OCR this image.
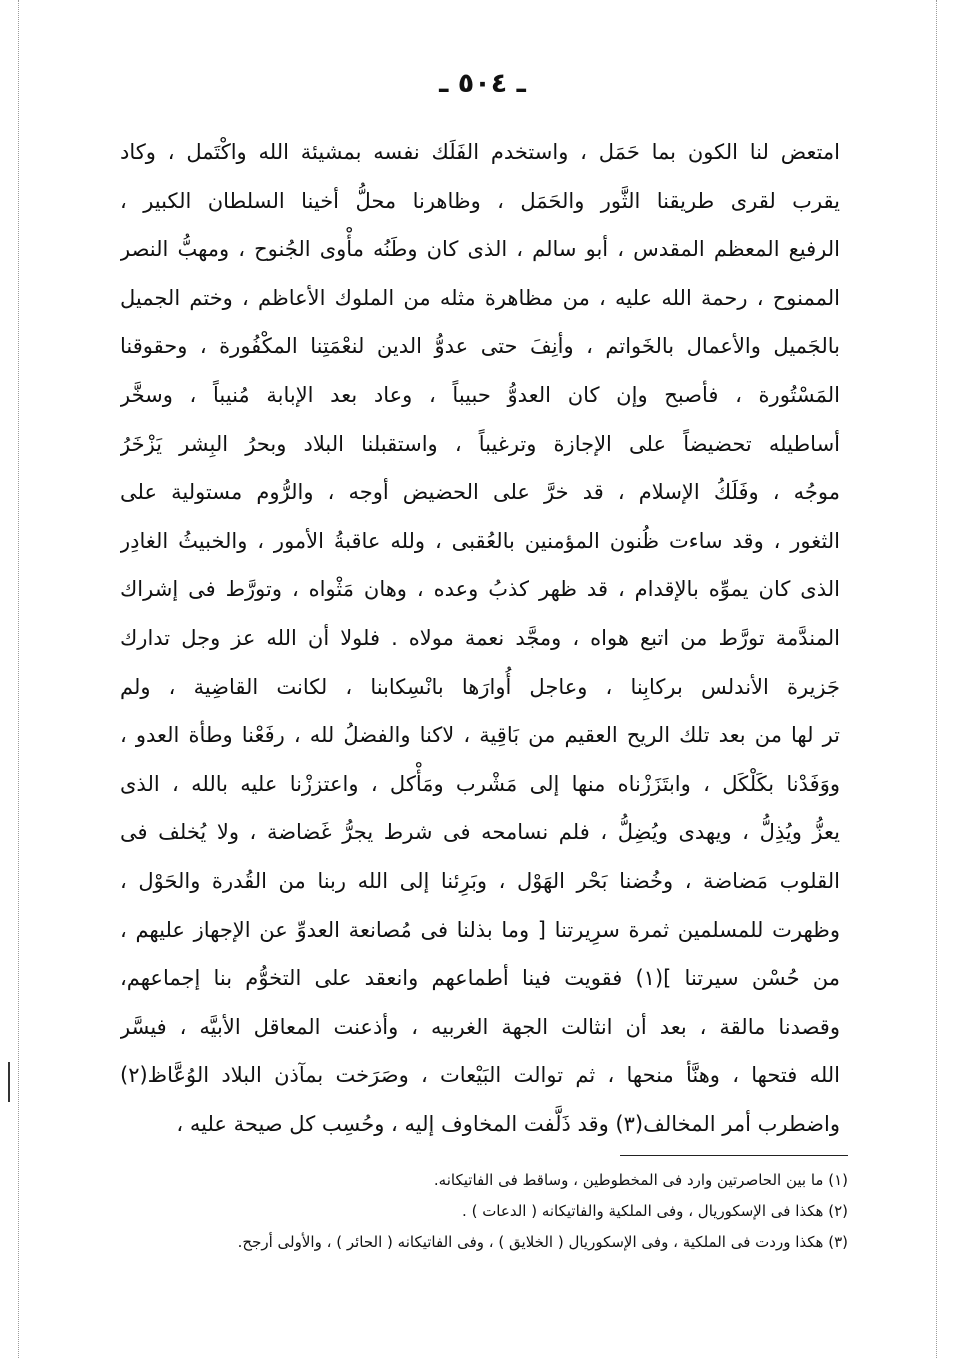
ـ ٥٠٤ ـ
امتعض لنا الكون بما حَمَل ، واستخدم الفَلَك نفسه بمشيئة الله واكْتَمل ، وكاد
يقرب لقرى طريقنا الثَّور والحَمَل ، وظاهرنا محلُّ أخينا السلطان الكبير ،
الرفيع المعظم المقدس ، أبو سالم ، الذى كان وطَنُه مأْوى الجُنوح ، ومهبُّ النصر
الممنوح ، رحمة الله عليه ، من مظاهرة مثله من الملوك الأعاظم ، وختم الجميل
بالجَميل والأعمال بالخَواتم ، وأنِفَ حتى عدوُّ الدين لنعْمَتِنا المكْفُورة ، وحقوقنا
المَسْتُورة ، فأصبح وإن كان العدوُّ حبيباً ، وعاد بعد الإبابة مُنيباً ، وسخَّر
أساطيله تحضيضاً على الإجازة وترغيباً ، واستقبلنا البلاد وبحرُ البِشر يَزْخَرُ
موجُه ، وفَلَكُ الإسلام ، قد خرَّ على الحضيض أوجه ، والرُّوم مستولية على
الثغور ، وقد ساءت ظُنون المؤمنين بالعُقبى ، ولله عاقبةُ الأمور ، والخبيثُ الغادِر
الذى كان يموِّه بالإقدام ، قد ظهر كذبُ وعده ، وهان مَثْواه ، وتورَّط فى إشراك
المندَّمة تورَّط من اتبع هواه ، ومجَّد نعمة مولاه . فلولا أن الله عز وجل تدارك
جَزيرة الأندلس بركابِنا ، وعاجل أُوارَها بانْسِكابنا ، لكانت القاضِية ، ولم
تر لها من بعد تلك الريح العقيم من بَاقِية ، لاكنا والفضلُ لله ، رفَعْنا وطأة العدو ،
ووَفَدْنا بكَلْكَل ، وابتَزَزْناه منها إلى مَشْرب ومَأْكل ، واعتززْنا عليه بالله ، الذى
يعزُّ ويُذِلُّ ، ويهدى ويُضِلُّ ، فلم نسامحه فى شرط يجرُّ غَضاضة ، ولا يُخلف فى
القلوب مَضاضة ، وخُضنا بَحْر الهَوْل ، وبَرِئنا إلى الله ربنا من القُدرة والحَوْل ،
وظهرت للمسلمين ثمرة سرِيرتنا [ وما بذلنا فى مُصانعة العدوِّ عن الإجهاز عليهم ،
من حُسْن سيرتنا ](١) فقويت فينا أطماعهم وانعقد على التخوُّم بنا إجماعهم،
وقصدنا مالقة ، بعد أن انثالت الجهة الغربيه ، وأذعنت المعاقل الأبيَّه ، فيسَّر
الله فتحها ، وهنَّأ منحها ، ثم توالت البَيْعات ، وصَرَخت بمآذن البلاد الوُعَّاظ(٢)
واضطرب أمر المخالف(٣) وقد ذَلَّفت المخاوف إليه ، وحُسِب كل صيحة عليه ،
(١) ما بين الحاصرتين وارد فى المخطوطين ، وساقط فى الفاتيكانه.
(٢) هكذا فى الإسكوريال ، وفى الملكية والفاتيكانه ( الدعات ) .
(٣) هكذا وردت فى الملكية ، وفى الإسكوريال ( الخلايق ) ، وفى الفاتيكانه ( الحائر ) ، والأولى أرجح.
